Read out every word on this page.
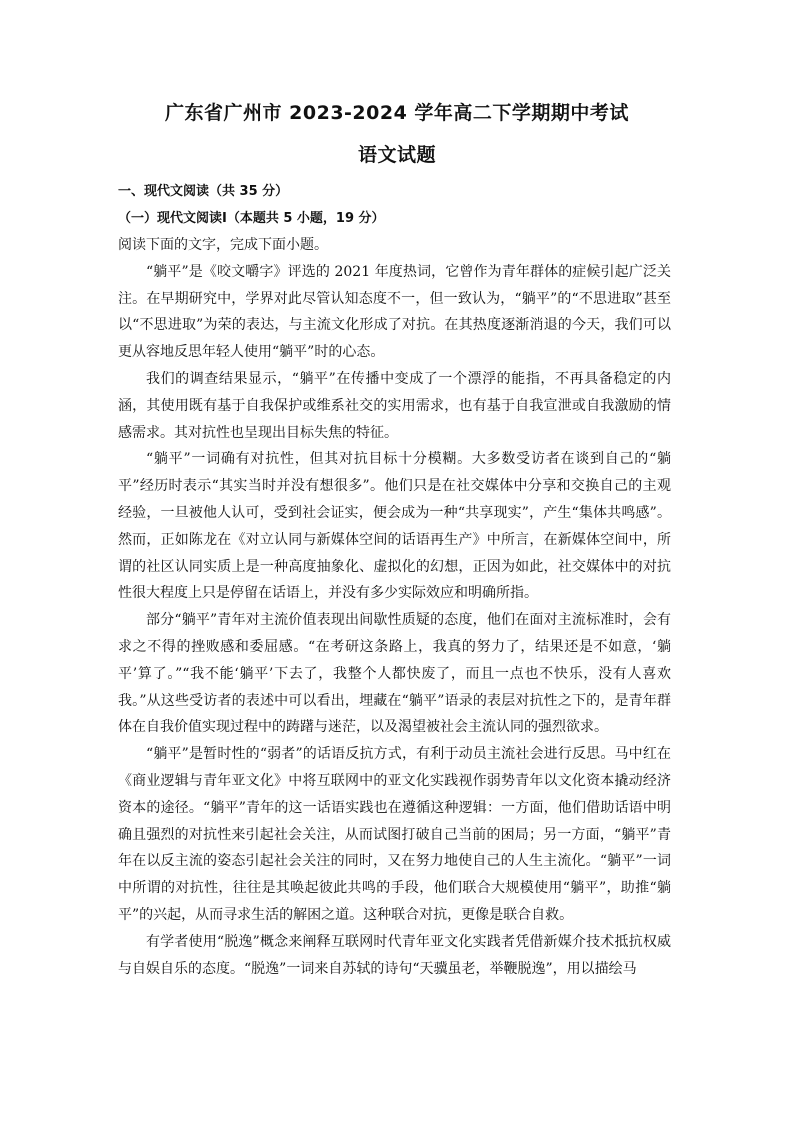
广东省广州市 2023-2024 学年高二下学期期中考试
语文试题
一、现代文阅读（共 35 分）
（一）现代文阅读Ⅰ（本题共 5 小题，19 分）

阅读下面的文字，完成下面小题。

“躺平”是《咬文嚼字》评选的 2021 年度热词，它曾作为青年群体的症候引起广泛关注。在早期研究中，学界对此尽管认知态度不一，但一致认为，“躺平”的“不思进取”甚至以“不思进取”为荣的表达，与主流文化形成了对抗。在其热度逐渐消退的今天，我们可以更从容地反思年轻人使用“躺平”时的心态。

我们的调查结果显示，“躺平”在传播中变成了一个漂浮的能指，不再具备稳定的内涵，其使用既有基于自我保护或维系社交的实用需求，也有基于自我宣泄或自我激励的情感需求。其对抗性也呈现出目标失焦的特征。

“躺平”一词确有对抗性，但其对抗目标十分模糊。大多数受访者在谈到自己的“躺平”经历时表示“其实当时并没有想很多”。他们只是在社交媒体中分享和交换自己的主观经验，一旦被他人认可，受到社会证实，便会成为一种“共享现实”，产生“集体共鸣感”。然而，正如陈龙在《对立认同与新媒体空间的话语再生产》中所言，在新媒体空间中，所谓的社区认同实质上是一种高度抽象化、虚拟化的幻想，正因为如此，社交媒体中的对抗性很大程度上只是停留在话语上，并没有多少实际效应和明确所指。

部分“躺平”青年对主流价值表现出间歇性质疑的态度，他们在面对主流标准时，会有求之不得的挫败感和委屈感。“在考研这条路上，我真的努力了，结果还是不如意，‘躺平’算了。”“我不能‘躺平’下去了，我整个人都快废了，而且一点也不快乐，没有人喜欢我。”从这些受访者的表述中可以看出，埋藏在“躺平”语录的表层对抗性之下的，是青年群体在自我价值实现过程中的踌躇与迷茫，以及渴望被社会主流认同的强烈欲求。

“躺平”是暂时性的“弱者”的话语反抗方式，有利于动员主流社会进行反思。马中红在《商业逻辑与青年亚文化》中将互联网中的亚文化实践视作弱势青年以文化资本撬动经济资本的途径。“躺平”青年的这一话语实践也在遵循这种逻辑：一方面，他们借助话语中明确且强烈的对抗性来引起社会关注，从而试图打破自己当前的困局；另一方面，“躺平”青年在以反主流的姿态引起社会关注的同时，又在努力地使自己的人生主流化。“躺平”一词中所谓的对抗性，往往是其唤起彼此共鸣的手段，他们联合大规模使用“躺平”，助推“躺平”的兴起，从而寻求生活的解困之道。这种联合对抗，更像是联合自救。

有学者使用“脱逸”概念来阐释互联网时代青年亚文化实践者凭借新媒介技术抵抗权威与自娱自乐的态度。“脱逸”一词来自苏轼的诗句“天骥虽老，举鞭脱逸”，用以描绘马
